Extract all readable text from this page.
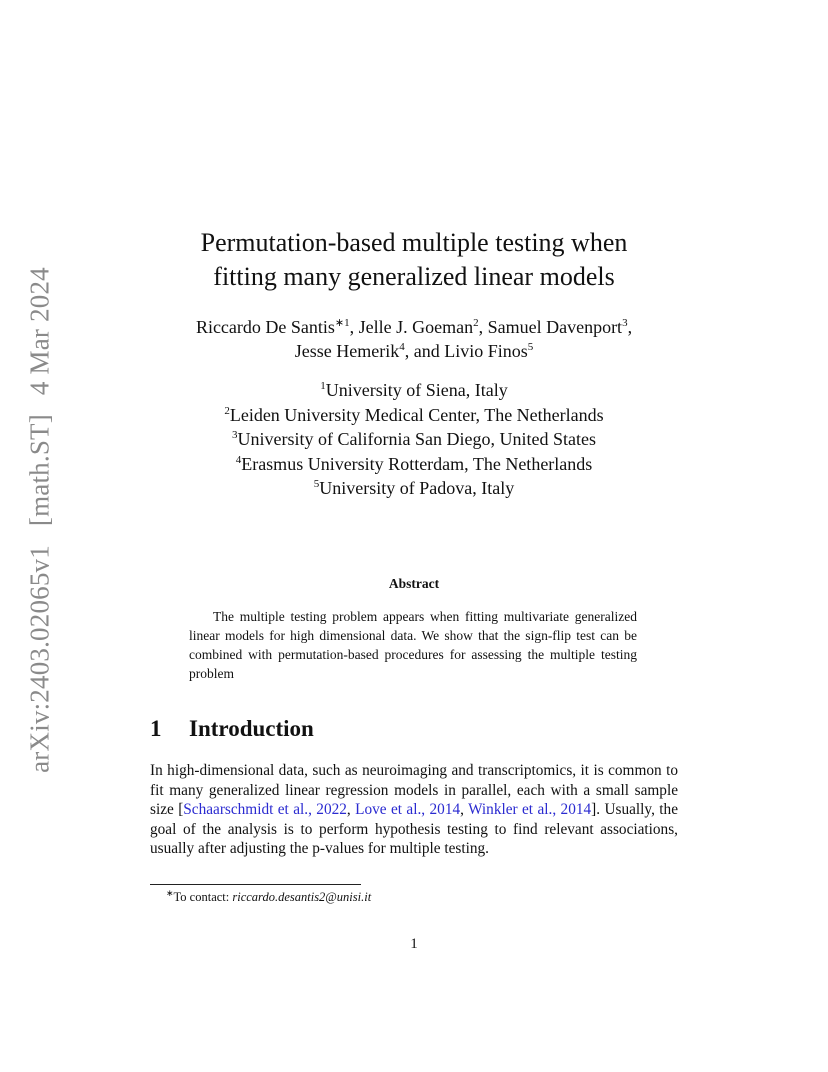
arXiv:2403.02065v1 [math.ST] 4 Mar 2024
Permutation-based multiple testing when
fitting many generalized linear models
Riccardo De Santis$^{∗1}$, Jelle J. Goeman$^2$, Samuel Davenport$^3$,
Jesse Hemerik$^4$, and Livio Finos$^5$
$^1$University of Siena, Italy
$^2$Leiden University Medical Center, The Netherlands
$^3$University of California San Diego, United States
$^4$Erasmus University Rotterdam, The Netherlands
$^5$University of Padova, Italy
Abstract
The multiple testing problem appears when fitting multivariate generalized linear models for high dimensional data. We show that the sign-flip test can be combined with permutation-based procedures for assessing the multiple testing problem
1 Introduction
In high-dimensional data, such as neuroimaging and transcriptomics, it is common to fit many generalized linear regression models in parallel, each with a small sample size [Schaarschmidt et al., 2022, Love et al., 2014, Winkler et al., 2014]. Usually, the goal of the analysis is to perform hypothesis testing to find relevant associations, usually after adjusting the p-values for multiple testing.
∗To contact: riccardo.desantis2@unisi.it
1
